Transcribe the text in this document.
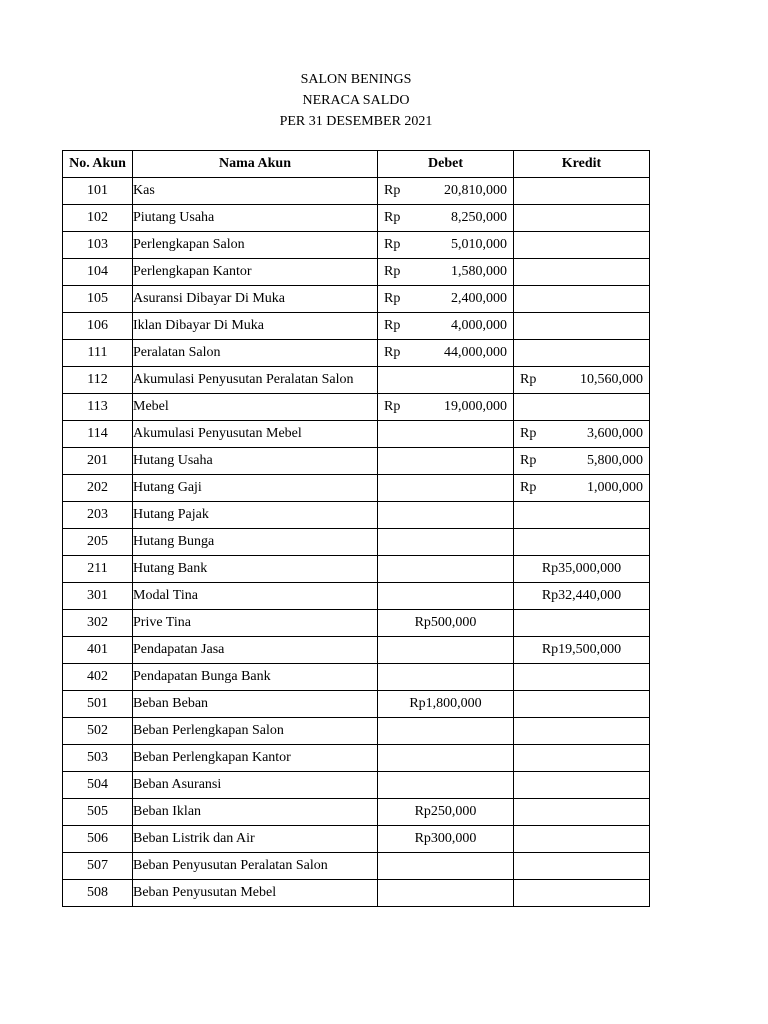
SALON BENINGS
NERACA SALDO
PER 31 DESEMBER 2021
No. Akun	Nama Akun	Debet	Kredit
101	Kas	Rp 20,810,000	

102	Piutang Usaha	Rp 8,250,000	

103	Perlengkapan Salon	Rp 5,010,000	

104	Perlengkapan Kantor	Rp 1,580,000	

105	Asuransi Dibayar Di Muka	Rp 2,400,000	

106	Iklan Dibayar Di Muka	Rp 4,000,000	

111	Peralatan Salon	Rp 44,000,000	

112	Akumulasi Penyusutan Peralatan Salon		Rp 10,560,000

113	Mebel	Rp 19,000,000	

114	Akumulasi Penyusutan Mebel		Rp 3,600,000

201	Hutang Usaha		Rp 5,800,000

202	Hutang Gaji		Rp 1,000,000

203	Hutang Pajak		
205	Hutang Bunga		
211	Hutang Bank		Rp35,000,000

301	Modal Tina		Rp32,440,000

302	Prive Tina	Rp500,000	

401	Pendapatan Jasa		Rp19,500,000

402	Pendapatan Bunga Bank		
501	Beban Beban	Rp1,800,000	

502	Beban Perlengkapan Salon		
503	Beban Perlengkapan Kantor		
504	Beban Asuransi		
505	Beban Iklan	Rp250,000	

506	Beban Listrik dan Air	Rp300,000	

507	Beban Penyusutan Peralatan Salon		
508	Beban Penyusutan Mebel		
